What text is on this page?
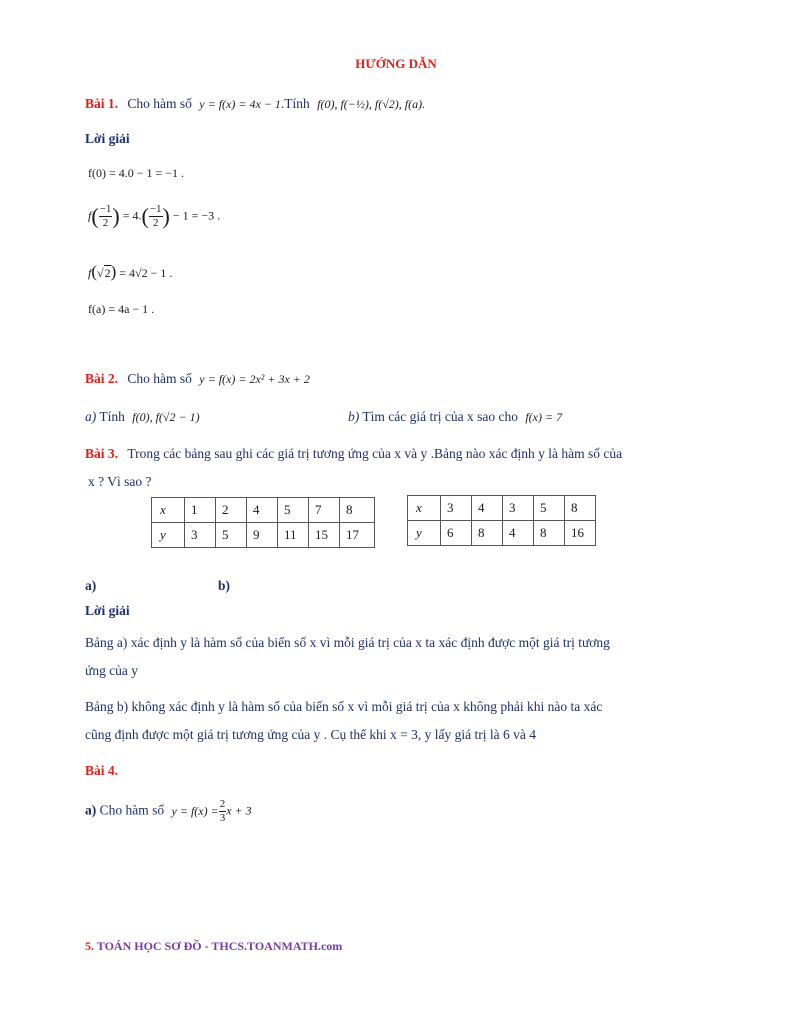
HƯỚNG DẪN
Bài 1. Cho hàm số y = f(x) = 4x − 1.Tính f(0), f(−½), f(√2), f(a).
Lời giải
f(0) = 4.0 − 1 = −1 .
$f( \frac{-1}{2}$ ) = $4.( \frac{-1}{2}$ ) − 1 = −3 .
f(√2) = 4√2 − 1 .
f(a) = 4a − 1 .
Bài 2. Cho hàm số y = f(x) = 2x² + 3x + 2
a) Tính f(0), f(√2 − 1)	b) Tìm các giá trị của x sao cho f(x) = 7
Bài 3. Trong các bảng sau ghi các giá trị tương ứng của x và y .Bảng nào xác định y là hàm số của
x ? Vì sao ?
x	1	2	4	5	7	8
y	3	5	9	11	15	17
x	3	4	3	5	8
y	6	8	4	8	16
a)	b)
Lời giải
Bảng a) xác định y là hàm số của biến số x vì mỗi giá trị của x ta xác định được một giá trị tương
ứng của y
Bảng b) không xác định y là hàm số của biến số x vì mỗi giá trị của x không phải khi nào ta xác
cũng định được một giá trị tương ứng của y . Cụ thể khi x = 3, y lấy giá trị là 6 và 4
Bài 4.
a) Cho hàm số $y = f(x) = \frac{2}{3}$ x + 3
5. TOÁN HỌC SƠ ĐỒ - THCS.TOANMATH.com
